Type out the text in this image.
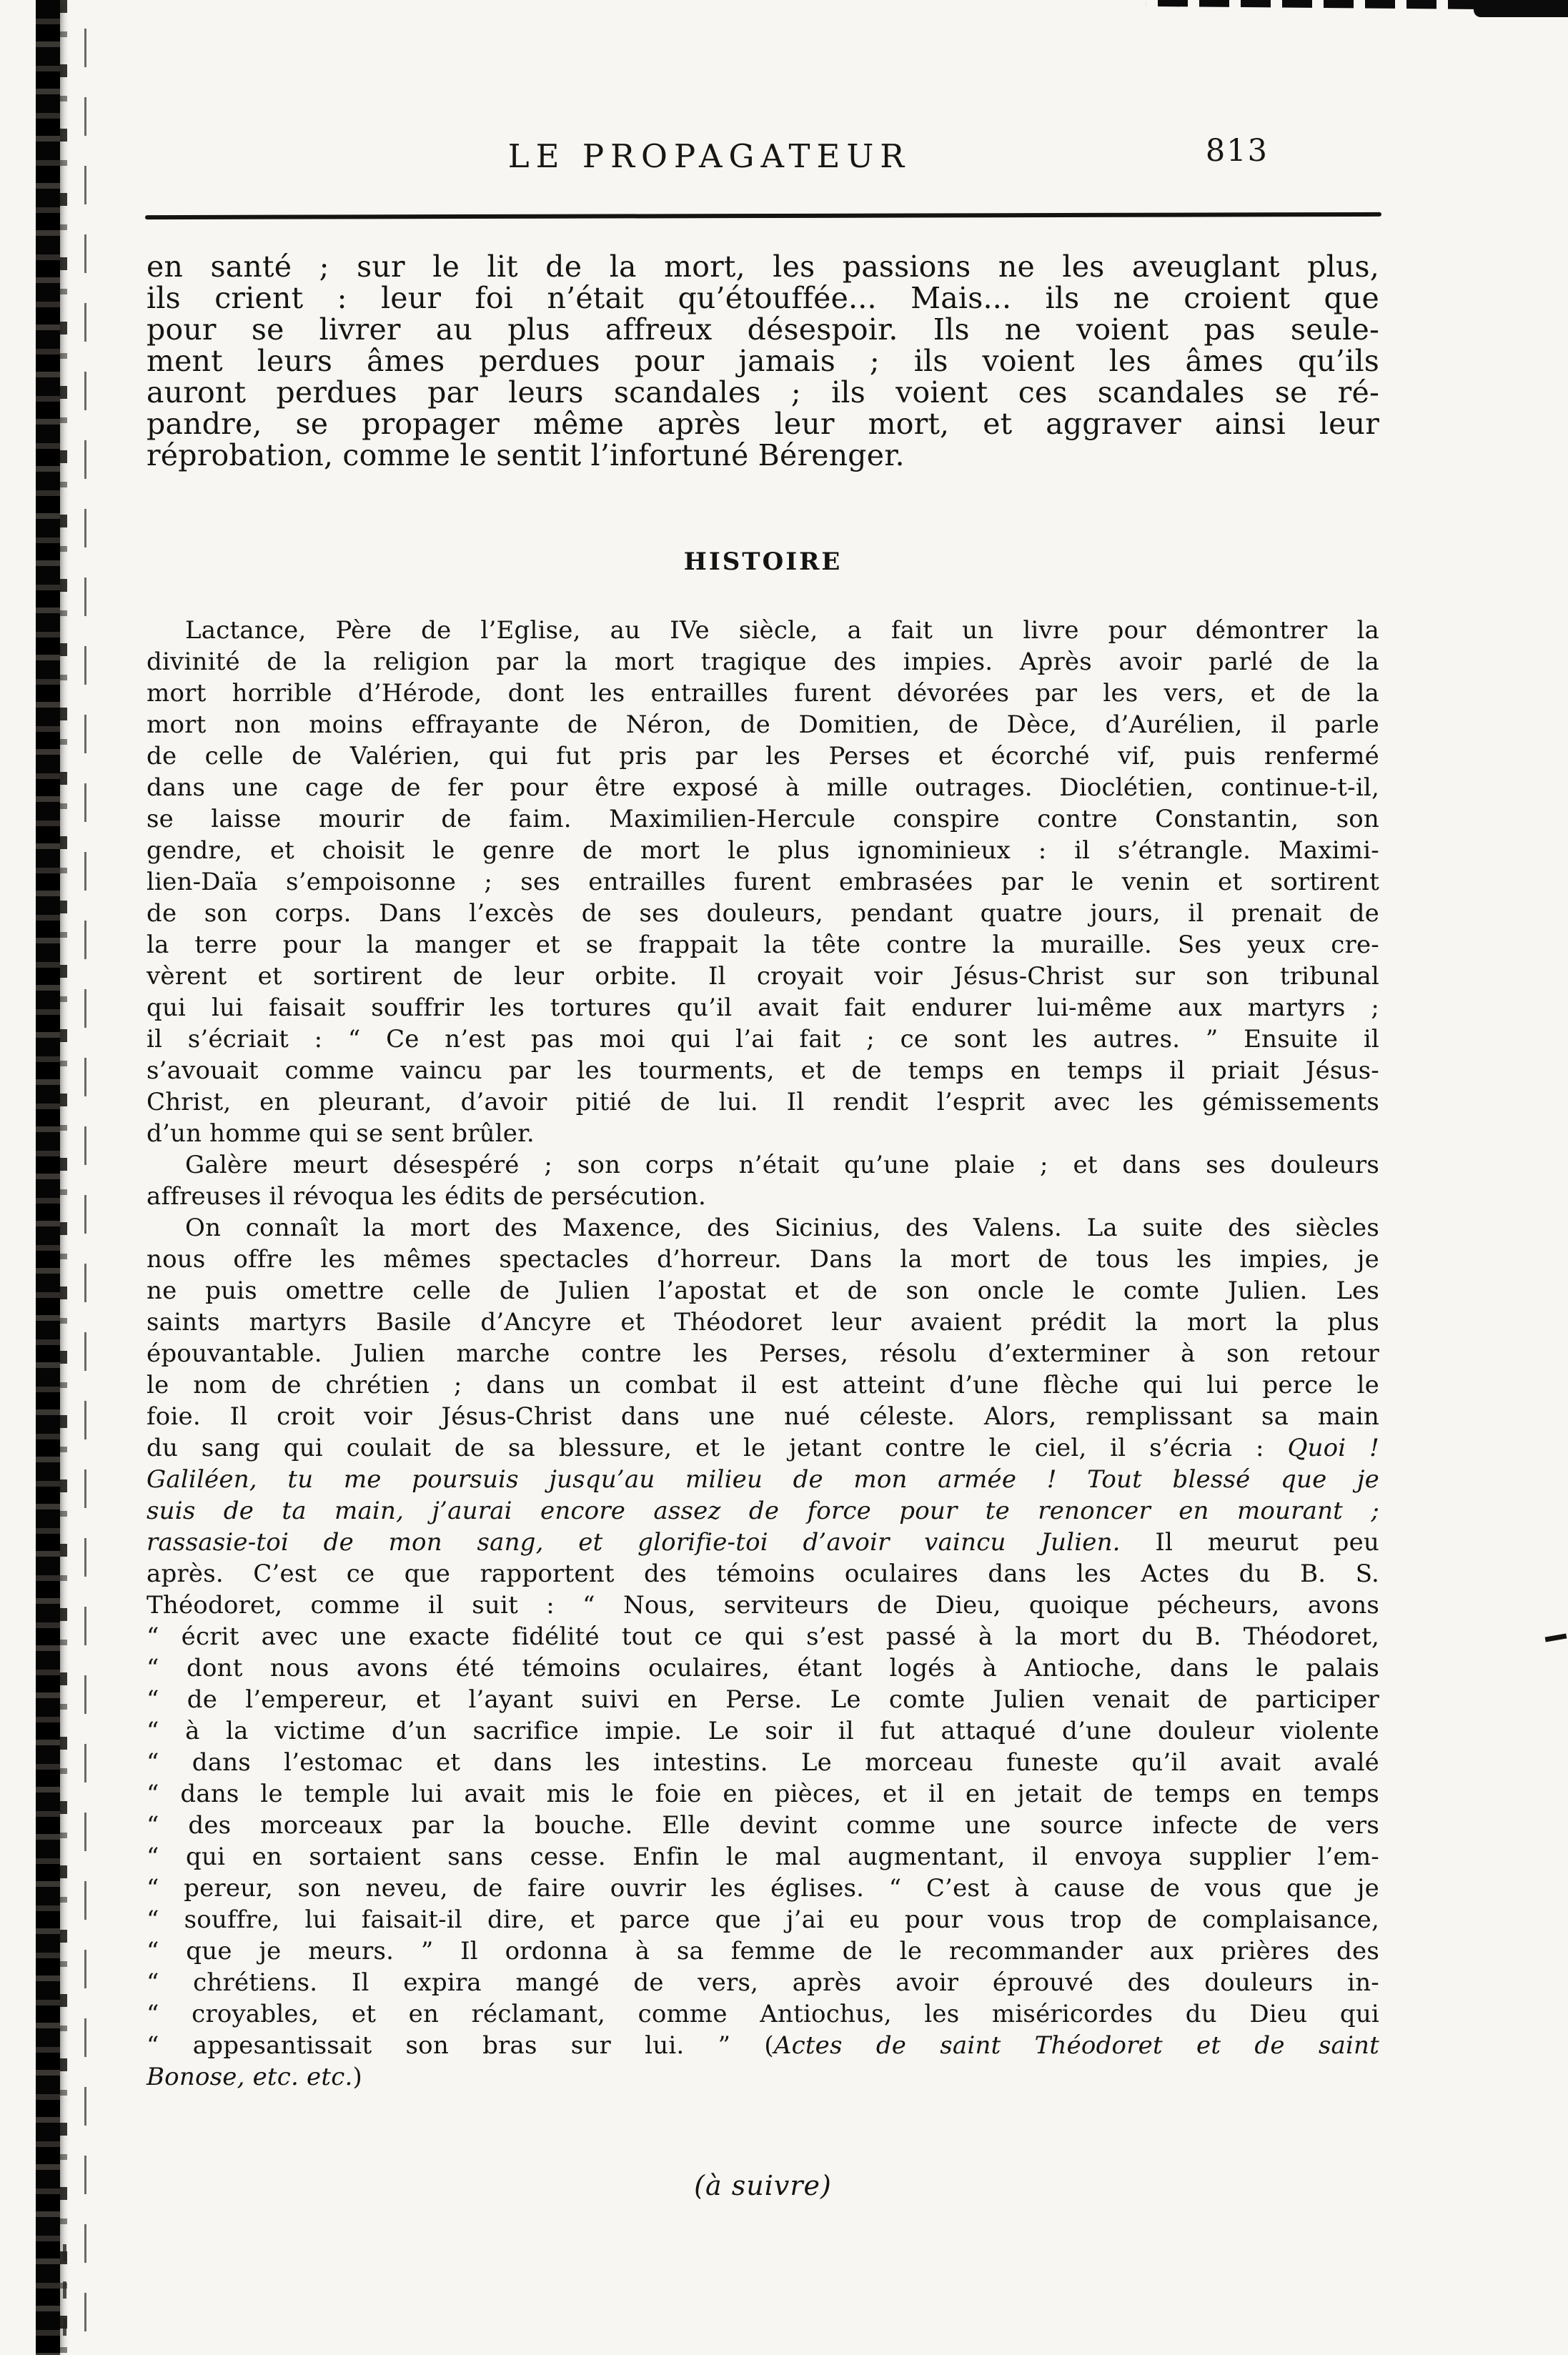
LE PROPAGATEUR	813
en santé ; sur le lit de la mort, les passions ne les aveuglant plus,
ils crient : leur foi n’était qu’étouffée... Mais... ils ne croient que
pour se livrer au plus affreux désespoir. Ils ne voient pas seule-
ment leurs âmes perdues pour jamais ; ils voient les âmes qu’ils
auront perdues par leurs scandales ; ils voient ces scandales se ré-
pandre, se propager même après leur mort, et aggraver ainsi leur
réprobation, comme le sentit l’infortuné Bérenger.
HISTOIRE
Lactance, Père de l’Eglise, au IVe siècle, a fait un livre pour démontrer la
divinité de la religion par la mort tragique des impies. Après avoir parlé de la
mort horrible d’Hérode, dont les entrailles furent dévorées par les vers, et de la
mort non moins effrayante de Néron, de Domitien, de Dèce, d’Aurélien, il parle
de celle de Valérien, qui fut pris par les Perses et écorché vif, puis renfermé
dans une cage de fer pour être exposé à mille outrages. Dioclétien, continue-t-il,
se laisse mourir de faim. Maximilien-Hercule conspire contre Constantin, son
gendre, et choisit le genre de mort le plus ignominieux : il s’étrangle. Maximi-
lien-Daïa s’empoisonne ; ses entrailles furent embrasées par le venin et sortirent
de son corps. Dans l’excès de ses douleurs, pendant quatre jours, il prenait de
la terre pour la manger et se frappait la tête contre la muraille. Ses yeux cre-
vèrent et sortirent de leur orbite. Il croyait voir Jésus-Christ sur son tribunal
qui lui faisait souffrir les tortures qu’il avait fait endurer lui-même aux martyrs ;
il s’écriait : “ Ce n’est pas moi qui l’ai fait ; ce sont les autres. ” Ensuite il
s’avouait comme vaincu par les tourments, et de temps en temps il priait Jésus-
Christ, en pleurant, d’avoir pitié de lui. Il rendit l’esprit avec les gémissements
d’un homme qui se sent brûler.
Galère meurt désespéré ; son corps n’était qu’une plaie ; et dans ses douleurs
affreuses il révoqua les édits de persécution.
On connaît la mort des Maxence, des Sicinius, des Valens. La suite des siècles
nous offre les mêmes spectacles d’horreur. Dans la mort de tous les impies, je
ne puis omettre celle de Julien l’apostat et de son oncle le comte Julien. Les
saints martyrs Basile d’Ancyre et Théodoret leur avaient prédit la mort la plus
épouvantable. Julien marche contre les Perses, résolu d’exterminer à son retour
le nom de chrétien ; dans un combat il est atteint d’une flèche qui lui perce le
foie. Il croit voir Jésus-Christ dans une nué céleste. Alors, remplissant sa main
du sang qui coulait de sa blessure, et le jetant contre le ciel, il s’écria : Quoi !
Galiléen, tu me poursuis jusqu’au milieu de mon armée ! Tout blessé que je
suis de ta main, j’aurai encore assez de force pour te renoncer en mourant ;
rassasie-toi de mon sang, et glorifie-toi d’avoir vaincu Julien. Il meurut peu
après. C’est ce que rapportent des témoins oculaires dans les Actes du B. S.
Théodoret, comme il suit : “ Nous, serviteurs de Dieu, quoique pécheurs, avons
“ écrit avec une exacte fidélité tout ce qui s’est passé à la mort du B. Théodoret,
“ dont nous avons été témoins oculaires, étant logés à Antioche, dans le palais
“ de l’empereur, et l’ayant suivi en Perse. Le comte Julien venait de participer
“ à la victime d’un sacrifice impie. Le soir il fut attaqué d’une douleur violente
“ dans l’estomac et dans les intestins. Le morceau funeste qu’il avait avalé
“ dans le temple lui avait mis le foie en pièces, et il en jetait de temps en temps
“ des morceaux par la bouche. Elle devint comme une source infecte de vers
“ qui en sortaient sans cesse. Enfin le mal augmentant, il envoya supplier l’em-
“ pereur, son neveu, de faire ouvrir les églises. “ C’est à cause de vous que je
“ souffre, lui faisait-il dire, et parce que j’ai eu pour vous trop de complaisance,
“ que je meurs. ” Il ordonna à sa femme de le recommander aux prières des
“ chrétiens. Il expira mangé de vers, après avoir éprouvé des douleurs in-
“ croyables, et en réclamant, comme Antiochus, les miséricordes du Dieu qui
“ appesantissait son bras sur lui. ” (Actes de saint Théodoret et de saint
Bonose, etc. etc.)
(à suivre)
